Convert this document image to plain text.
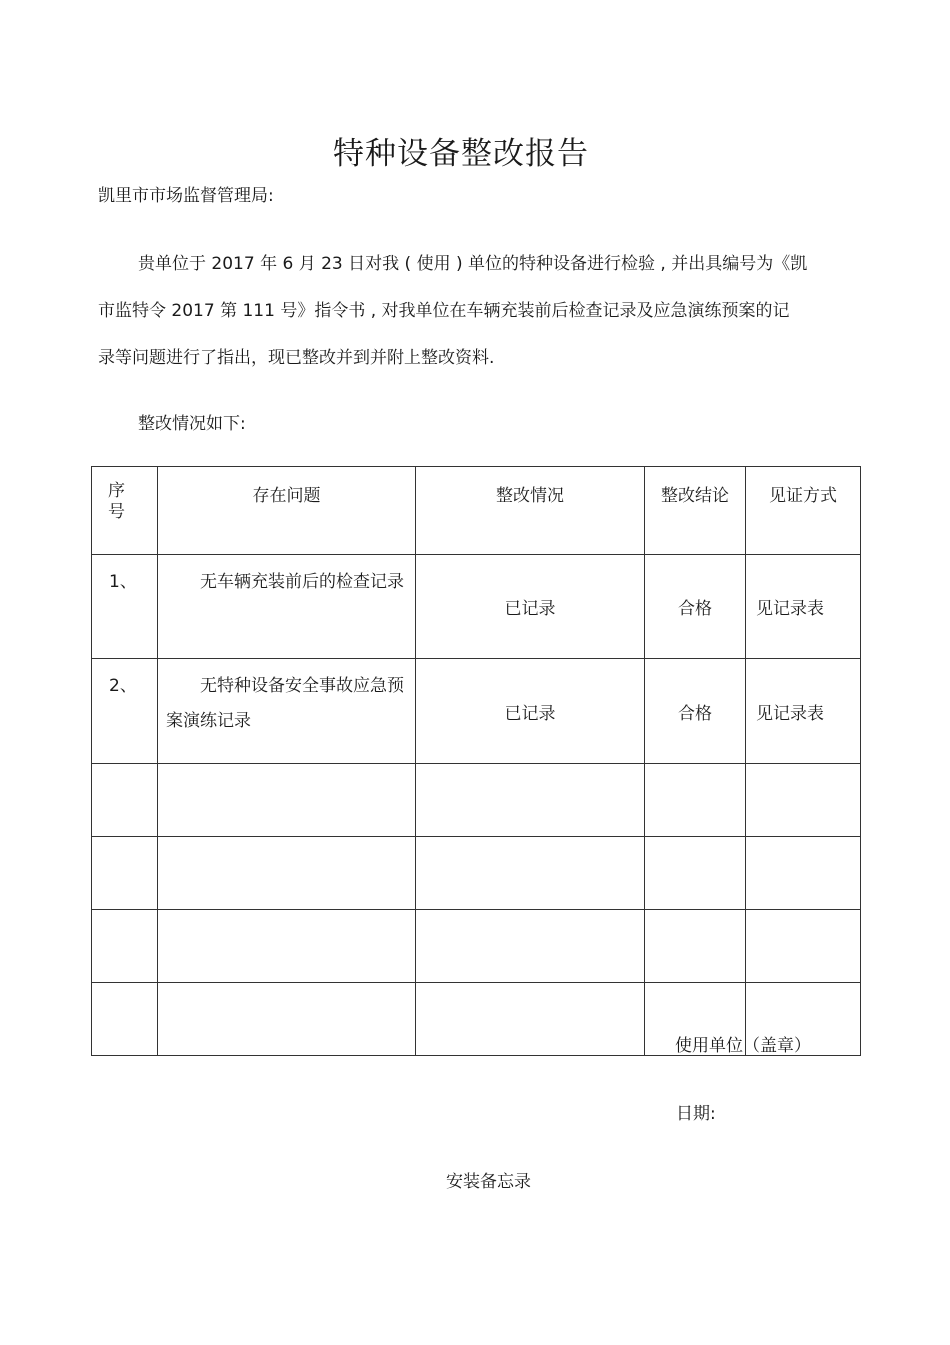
特种设备整改报告
凯里市市场监督管理局:
贵单位于 2017 年 6 月 23 日对我 ( 使用 ) 单位的特种设备进行检验 , 并出具编号为《凯
市监特令 2017 第 111 号》指令书 , 对我单位在车辆充装前后检查记录及应急演练预案的记
录等问题进行了指出，现已整改并到并附上整改资料.
整改情况如下:
序号	存在问题	整改情况	整改结论	见证方式
1、	无车辆充装前后的检查记录	已记录	合格	见记录表
2、	无特种设备安全事故应急预案演练记录	已记录	合格	见记录表

使用单位（盖章）
日期:
安装备忘录
